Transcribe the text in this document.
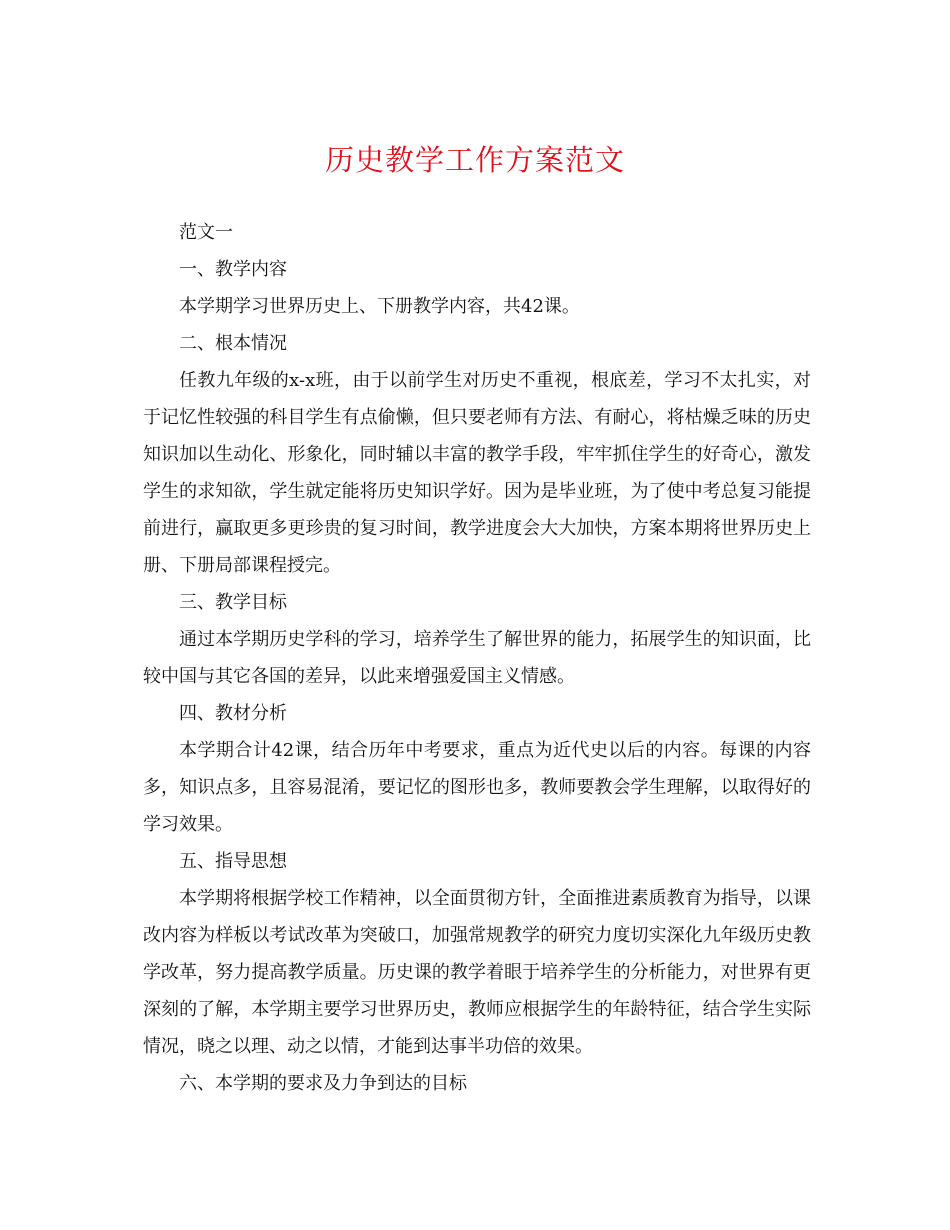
历史教学工作方案范文

范文一

一、教学内容

本学期学习世界历史上、下册教学内容，共42课。

二、根本情况

任教九年级的x-x班，由于以前学生对历史不重视，根底差，学习不太扎实，对于记忆性较强的科目学生有点偷懒，但只要老师有方法、有耐心，将枯燥乏味的历史知识加以生动化、形象化，同时辅以丰富的教学手段，牢牢抓住学生的好奇心，激发学生的求知欲，学生就定能将历史知识学好。因为是毕业班，为了使中考总复习能提前进行，赢取更多更珍贵的复习时间，教学进度会大大加快，方案本期将世界历史上册、下册局部课程授完。

三、教学目标

通过本学期历史学科的学习，培养学生了解世界的能力，拓展学生的知识面，比较中国与其它各国的差异，以此来增强爱国主义情感。

四、教材分析

本学期合计42课，结合历年中考要求，重点为近代史以后的内容。每课的内容多，知识点多，且容易混淆，要记忆的图形也多，教师要教会学生理解，以取得好的学习效果。

五、指导思想

本学期将根据学校工作精神，以全面贯彻方针，全面推进素质教育为指导，以课改内容为样板以考试改革为突破口，加强常规教学的研究力度切实深化九年级历史教学改革，努力提高教学质量。历史课的教学着眼于培养学生的分析能力，对世界有更深刻的了解，本学期主要学习世界历史，教师应根据学生的年龄特征，结合学生实际情况，晓之以理、动之以情，才能到达事半功倍的效果。

六、本学期的要求及力争到达的目标
